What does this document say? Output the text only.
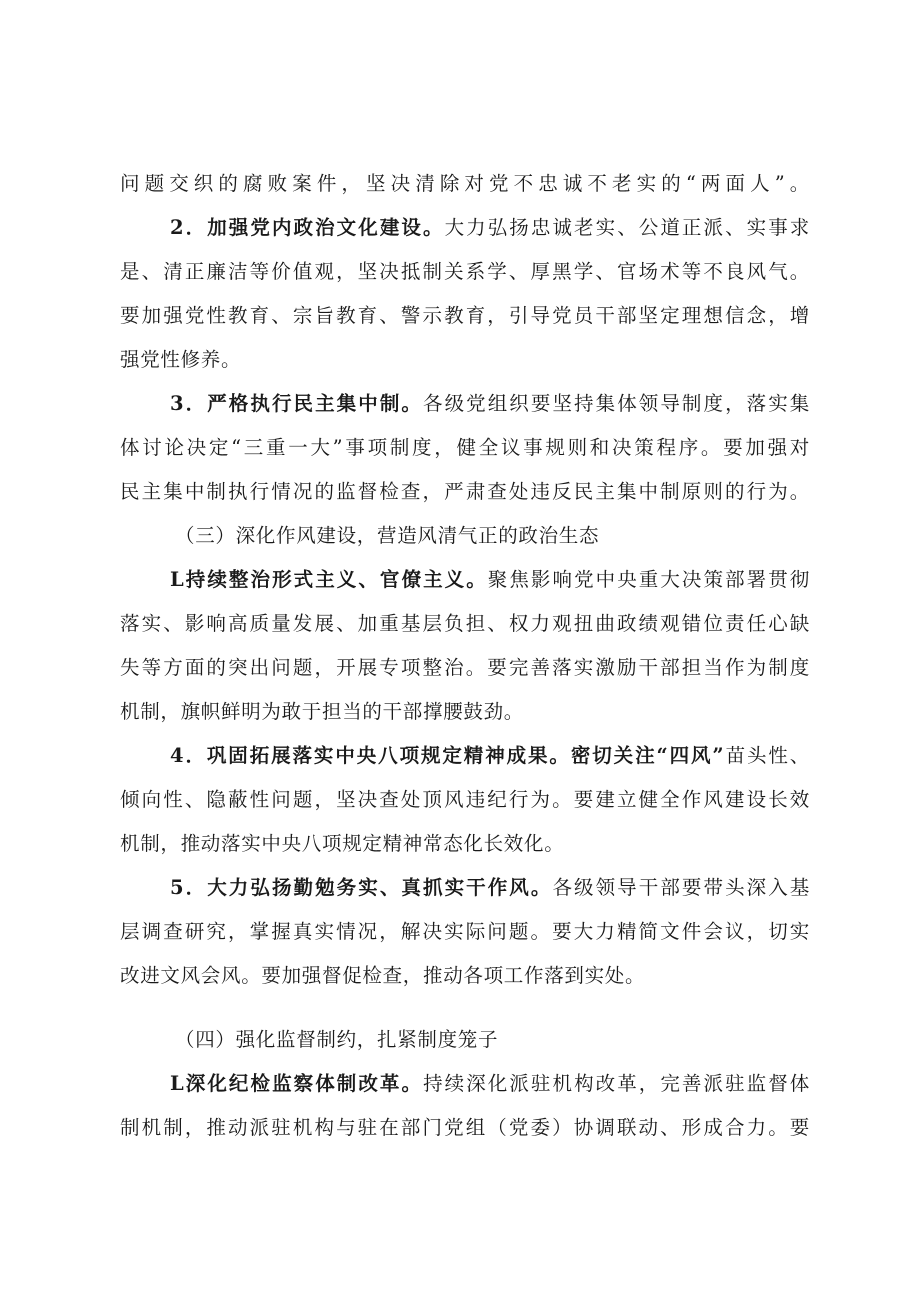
问题交织的腐败案件，坚决清除对党不忠诚不老实的“两面人”。
2．加强党内政治文化建设。大力弘扬忠诚老实、公道正派、实事求
是、清正廉洁等价值观，坚决抵制关系学、厚黑学、官场术等不良风气。
要加强党性教育、宗旨教育、警示教育，引导党员干部坚定理想信念，增
强党性修养。
3．严格执行民主集中制。各级党组织要坚持集体领导制度，落实集
体讨论决定“三重一大”事项制度，健全议事规则和决策程序。要加强对
民主集中制执行情况的监督检查，严肃查处违反民主集中制原则的行为。
（三）深化作风建设，营造风清气正的政治生态
L持续整治形式主义、官僚主义。聚焦影响党中央重大决策部署贯彻
落实、影响高质量发展、加重基层负担、权力观扭曲政绩观错位责任心缺
失等方面的突出问题，开展专项整治。要完善落实激励干部担当作为制度
机制，旗帜鲜明为敢于担当的干部撑腰鼓劲。
4．巩固拓展落实中央八项规定精神成果。密切关注“四风”苗头性、
倾向性、隐蔽性问题，坚决查处顶风违纪行为。要建立健全作风建设长效
机制，推动落实中央八项规定精神常态化长效化。
5．大力弘扬勤勉务实、真抓实干作风。各级领导干部要带头深入基
层调查研究，掌握真实情况，解决实际问题。要大力精简文件会议，切实
改进文风会风。要加强督促检查，推动各项工作落到实处。
（四）强化监督制约，扎紧制度笼子
L深化纪检监察体制改革。持续深化派驻机构改革，完善派驻监督体
制机制，推动派驻机构与驻在部门党组（党委）协调联动、形成合力。要
